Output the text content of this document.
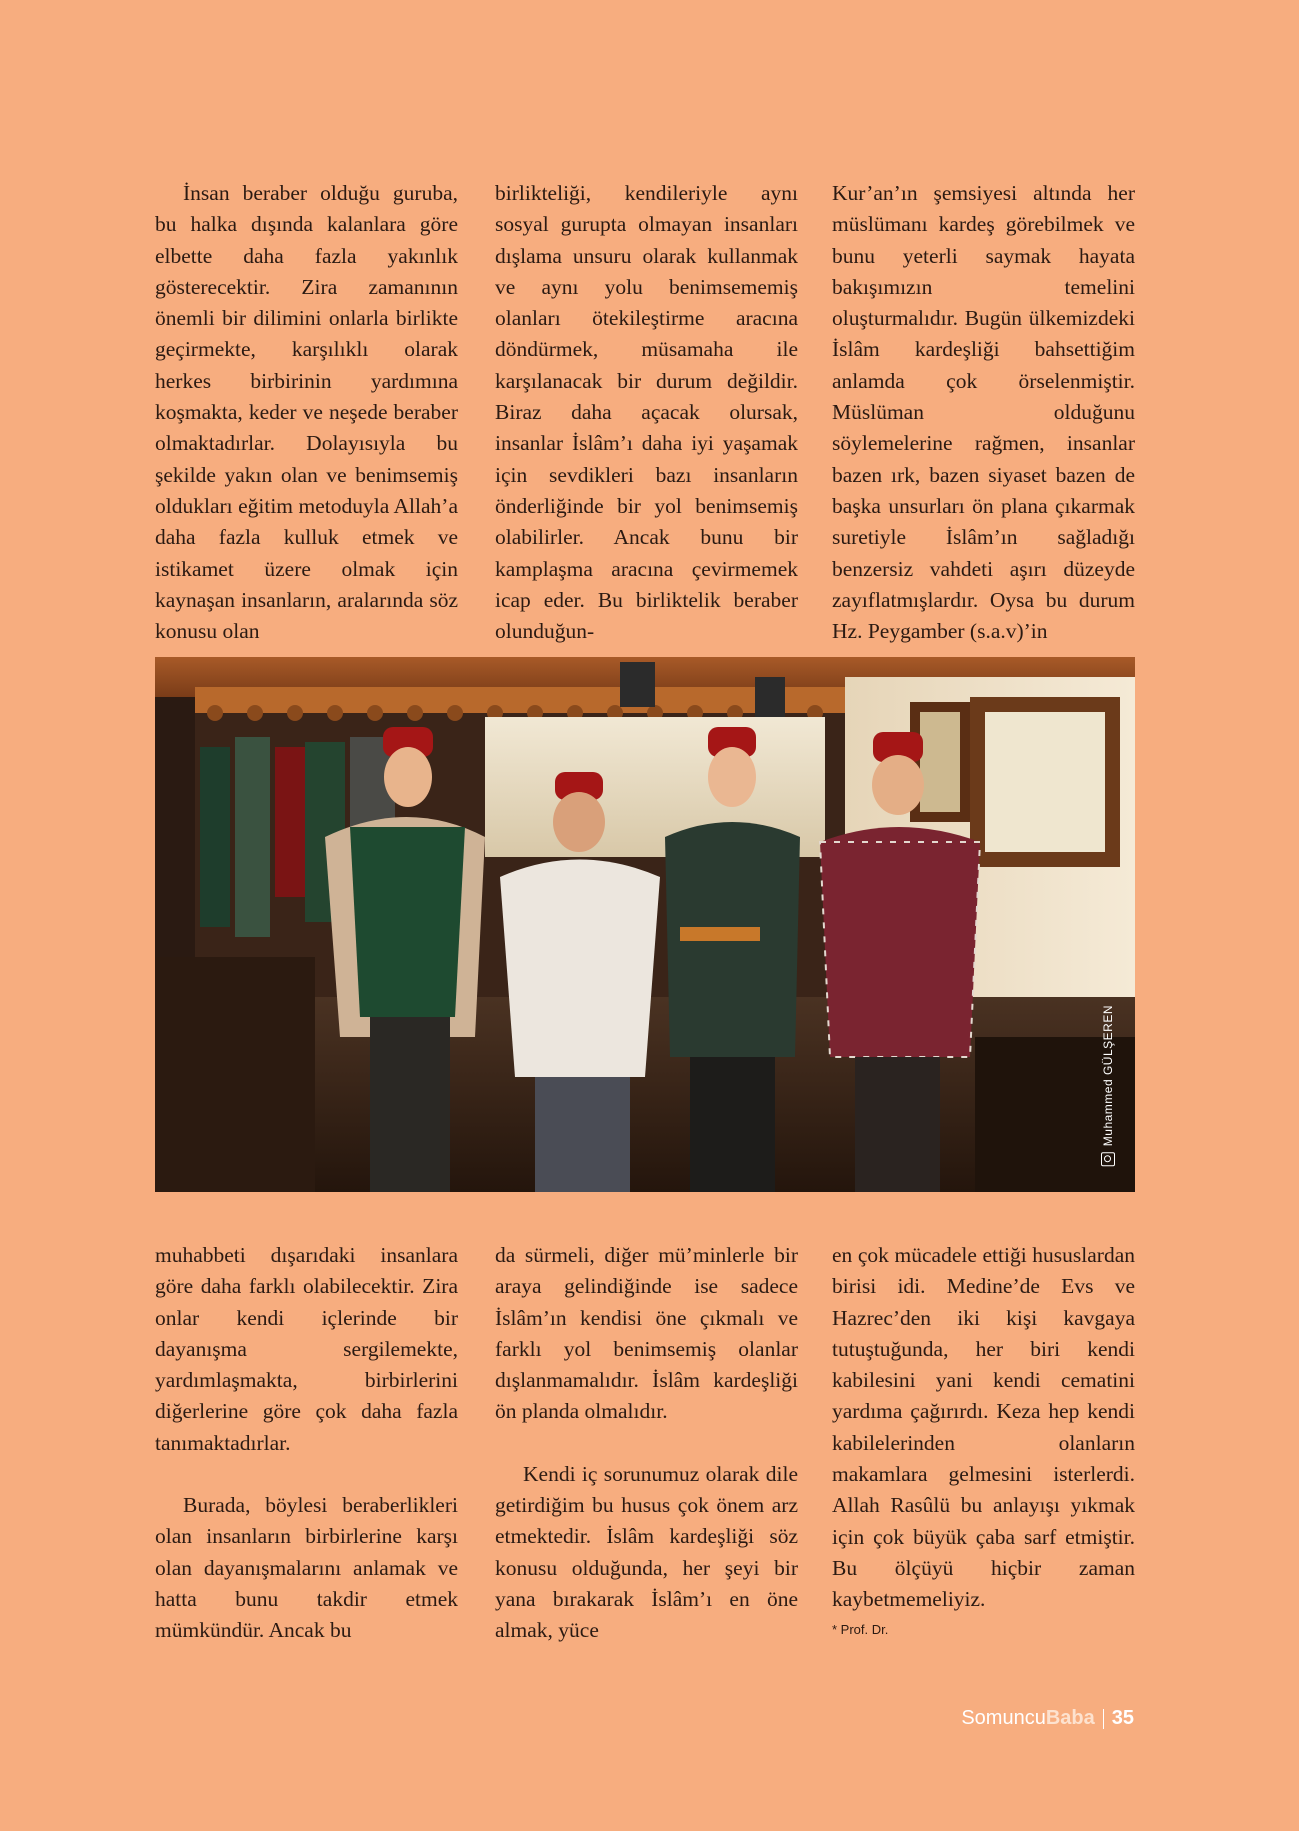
İnsan beraber olduğu guruba, bu halka dışında kalanlara göre elbette daha fazla yakınlık gösterecektir. Zira zamanının önemli bir dilimini onlarla birlikte geçirmekte, karşılıklı olarak herkes birbirinin yardımına koşmakta, keder ve neşede beraber olmaktadırlar. Dolayısıyla bu şekilde yakın olan ve benimsemiş oldukları eğitim metoduyla Allah’a daha fazla kulluk etmek ve istikamet üzere olmak için kaynaşan insanların, aralarında söz konusu olan

birlikteliği, kendileriyle aynı sosyal gurupta olmayan insanları dışlama unsuru olarak kullanmak ve aynı yolu benimsememiş olanları ötekileştirme aracına döndürmek, müsamaha ile karşılanacak bir durum değildir. Biraz daha açacak olursak, insanlar İslâm’ı daha iyi yaşamak için sevdikleri bazı insanların önderliğinde bir yol benimsemiş olabilirler. Ancak bunu bir kamplaşma aracına çevirmemek icap eder. Bu birliktelik beraber olunduğun-

Kur’an’ın şemsiyesi altında her müslümanı kardeş görebilmek ve bunu yeterli saymak hayata bakışımızın temelini oluşturmalıdır. Bugün ülkemizdeki İslâm kardeşliği bahsettiğim anlamda çok örselenmiştir. Müslüman olduğunu söylemelerine rağmen, insanlar bazen ırk, bazen siyaset bazen de başka unsurları ön plana çıkarmak suretiyle İslâm’ın sağladığı benzersiz vahdeti aşırı düzeyde zayıflatmışlardır. Oysa bu durum Hz. Peygamber (s.a.v)’in

Muhammed GÜLŞEREN

muhabbeti dışarıdaki insanlara göre daha farklı olabilecektir. Zira onlar kendi içlerinde bir dayanışma sergilemekte, yardımlaşmakta, birbirlerini diğerlerine göre çok daha fazla tanımaktadırlar.

Burada, böylesi beraberlikleri olan insanların birbirlerine karşı olan dayanışmalarını anlamak ve hatta bunu takdir etmek mümkündür. Ancak bu

da sürmeli, diğer mü’minlerle bir araya gelindiğinde ise sadece İslâm’ın kendisi öne çıkmalı ve farklı yol benimsemiş olanlar dışlanmamalıdır. İslâm kardeşliği ön planda olmalıdır.

Kendi iç sorunumuz olarak dile getirdiğim bu husus çok önem arz etmektedir. İslâm kardeşliği söz konusu olduğunda, her şeyi bir yana bırakarak İslâm’ı en öne almak, yüce

en çok mücadele ettiği hususlardan birisi idi. Medine’de Evs ve Hazrec’den iki kişi kavgaya tutuştuğunda, her biri kendi kabilesini yani kendi cematini yardıma çağırırdı. Keza hep kendi kabilelerinden olanların makamlara gelmesini isterlerdi. Allah Rasûlü bu anlayışı yıkmak için çok büyük çaba sarf etmiştir. Bu ölçüyü hiçbir zaman kaybetmemeliyiz.

* Prof. Dr.
SomuncuBaba 35
